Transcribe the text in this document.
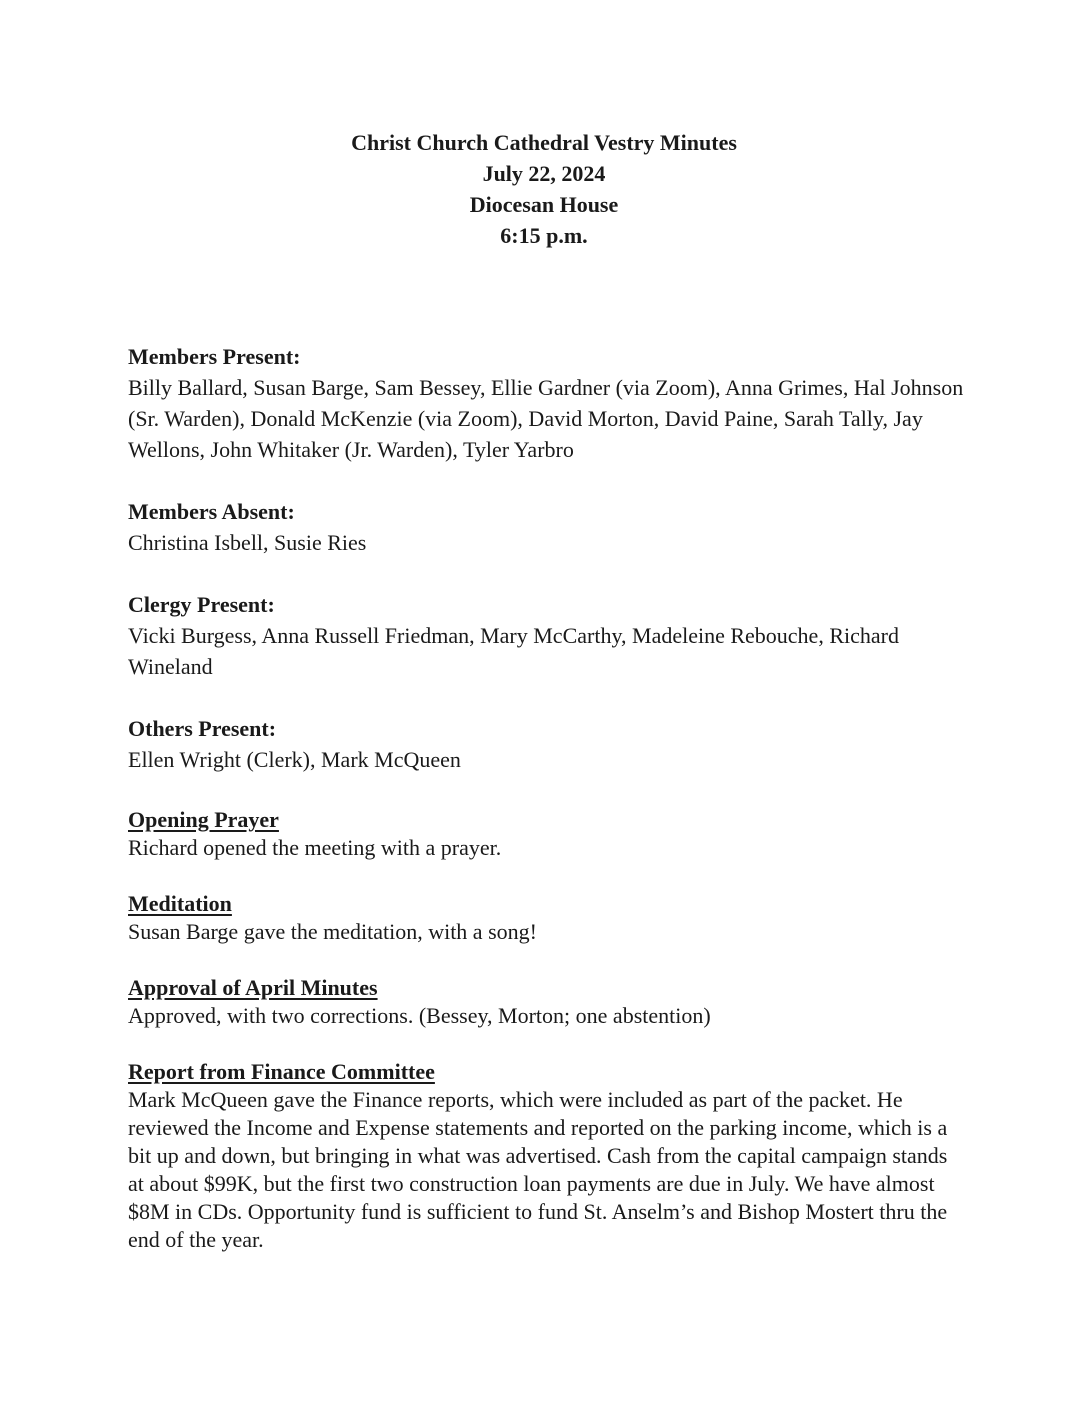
Christ Church Cathedral Vestry Minutes
July 22, 2024
Diocesan House
6:15 p.m.
Members Present:
Billy Ballard, Susan Barge, Sam Bessey, Ellie Gardner (via Zoom), Anna Grimes, Hal Johnson (Sr. Warden), Donald McKenzie (via Zoom), David Morton, David Paine, Sarah Tally, Jay Wellons, John Whitaker (Jr. Warden), Tyler Yarbro
Members Absent:
Christina Isbell, Susie Ries
Clergy Present:
Vicki Burgess, Anna Russell Friedman, Mary McCarthy, Madeleine Rebouche, Richard Wineland
Others Present:
Ellen Wright (Clerk), Mark McQueen
Opening Prayer
Richard opened the meeting with a prayer.
Meditation
Susan Barge gave the meditation, with a song!
Approval of April Minutes
Approved, with two corrections. (Bessey, Morton; one abstention)
Report from Finance Committee
Mark McQueen gave the Finance reports, which were included as part of the packet. He reviewed the Income and Expense statements and reported on the parking income, which is a bit up and down, but bringing in what was advertised. Cash from the capital campaign stands at about $99K, but the first two construction loan payments are due in July. We have almost $8M in CDs. Opportunity fund is sufficient to fund St. Anselm’s and Bishop Mostert thru the end of the year.
